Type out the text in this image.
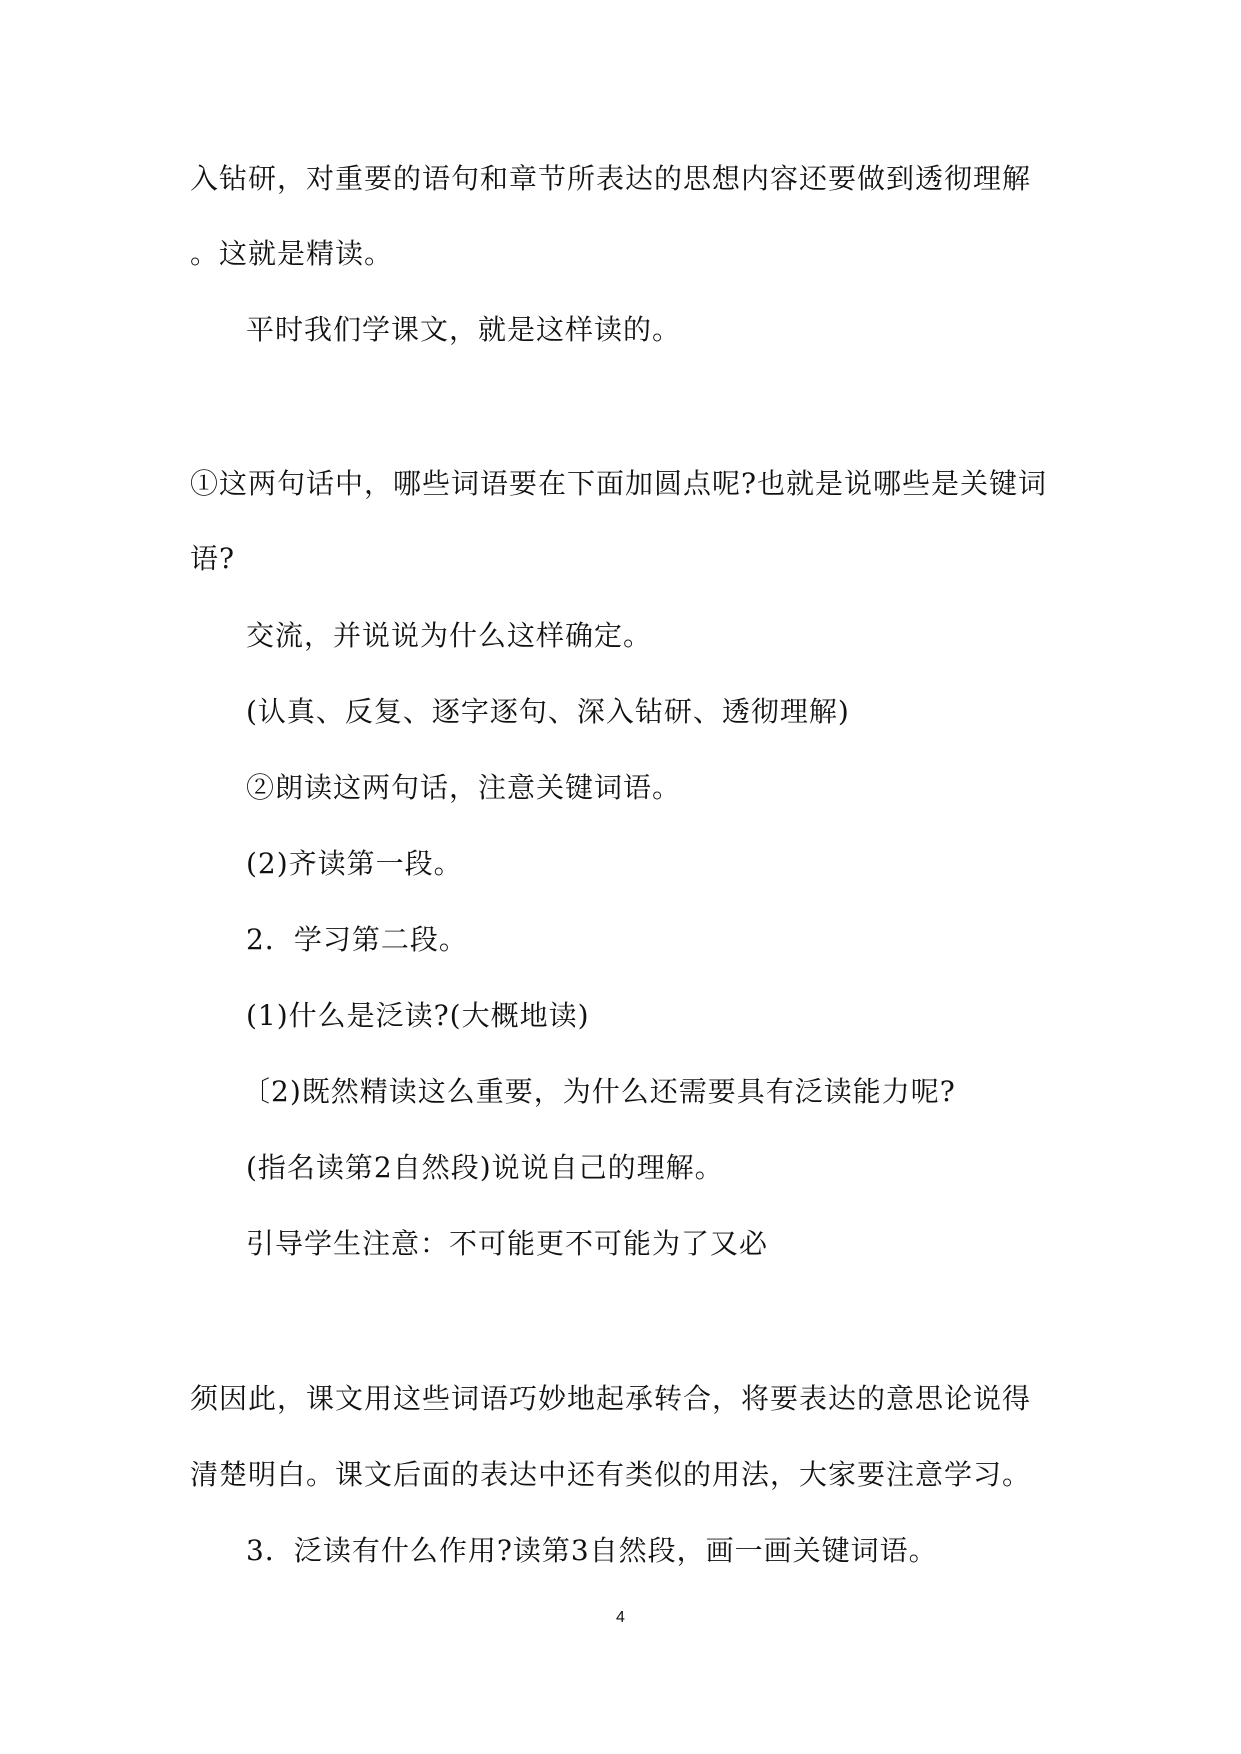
入钻研，对重要的语句和章节所表达的思想内容还要做到透彻理解
。这就是精读。
平时我们学课文，就是这样读的。
①这两句话中，哪些词语要在下面加圆点呢?也就是说哪些是关键词
语?
交流，并说说为什么这样确定。
(认真、反复、逐字逐句、深入钻研、透彻理解)
②朗读这两句话，注意关键词语。
(2)齐读第一段。
2．学习第二段。
(1)什么是泛读?(大概地读)
〔2)既然精读这么重要，为什么还需要具有泛读能力呢?
(指名读第2自然段)说说自己的理解。
引导学生注意：不可能更不可能为了又必
须因此，课文用这些词语巧妙地起承转合，将要表达的意思论说得
清楚明白。课文后面的表达中还有类似的用法，大家要注意学习。
3．泛读有什么作用?读第3自然段，画一画关键词语。
4
